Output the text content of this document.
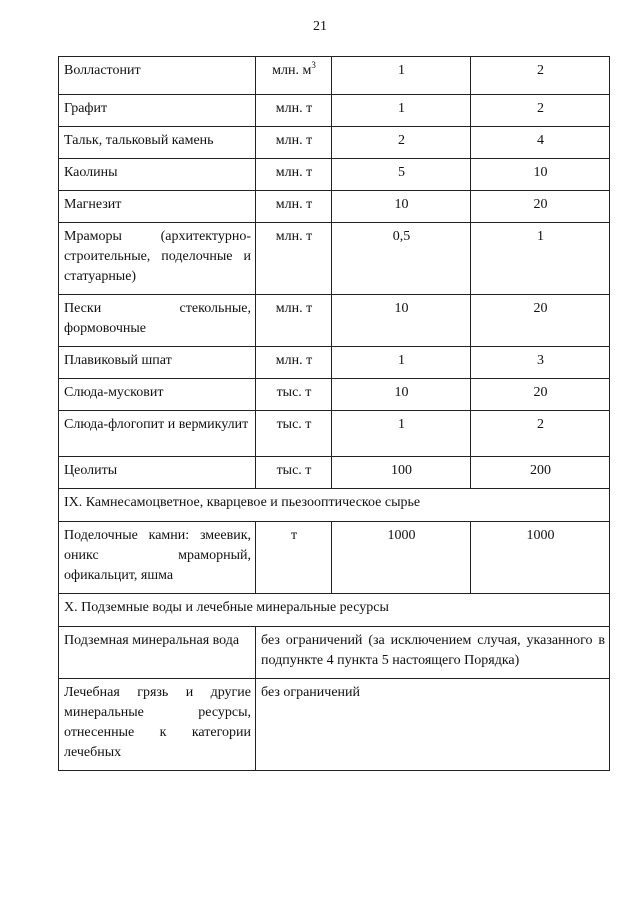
21
Волластонит	млн. $м^3$	1	2
Графит	млн. т	1	2
Тальк, тальковый камень	млн. т	2	4
Каолины	млн. т	5	10
Магнезит	млн. т	10	20
Мраморы (архитектурно-строительные, поделочные и статуарные)	млн. т	0,5	1
Пески стекольные, формовочные	млн. т	10	20
Плавиковый шпат	млн. т	1	3
Слюда-мусковит	тыс. т	10	20
Слюда-флогопит и вермикулит	тыс. т	1	2
Цеолиты	тыс. т	100	200
IX. Камнесамоцветное, кварцевое и пьезооптическое сырье			
Поделочные камни: змеевик, оникс мраморный, офикальцит, яшма	т	1000	1000
X. Подземные воды и лечебные минеральные ресурсы			
Подземная минеральная вода	без ограничений (за исключением случая, указанного в подпункте 4 пункта 5 настоящего Порядка)		
Лечебная грязь и другие минеральные ресурсы, отнесенные к категории лечебных	без ограничений		
